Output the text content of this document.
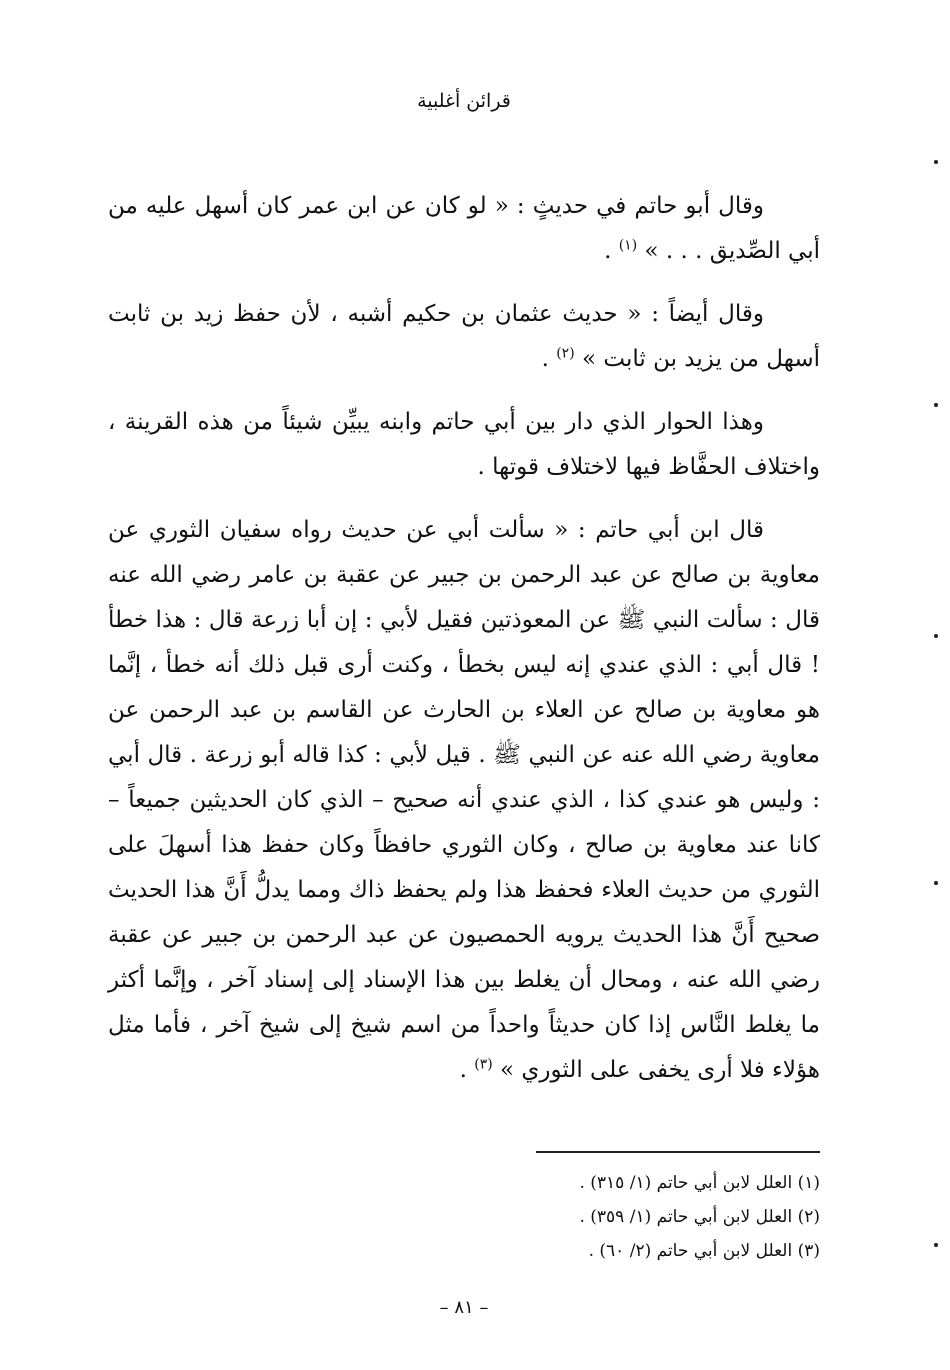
قرائن أغلبية

وقال أبو حاتم في حديثٍ : « لو كان عن ابن عمر كان أسهل عليه من أبي الصِّديق . . . » $^{(١)}$ .

وقال أيضاً : « حديث عثمان بن حكيم أشبه ، لأن حفظ زيد بن ثابت أسهل من يزيد بن ثابت » $^{(٢)}$ .

وهذا الحوار الذي دار بين أبي حاتم وابنه يبيِّن شيئاً من هذه القرينة ، واختلاف الحفَّاظ فيها لاختلاف قوتها .

قال ابن أبي حاتم : « سألت أبي عن حديث رواه سفيان الثوري عن معاوية بن صالح عن عبد الرحمن بن جبير عن عقبة بن عامر رضي الله عنه قال : سألت النبي ﷺ عن المعوذتين فقيل لأبي : إن أبا زرعة قال : هذا خطأ ! قال أبي : الذي عندي إنه ليس بخطأ ، وكنت أرى قبل ذلك أنه خطأ ، إنَّما هو معاوية بن صالح عن العلاء بن الحارث عن القاسم بن عبد الرحمن عن معاوية رضي الله عنه عن النبي ﷺ . قيل لأبي : كذا قاله أبو زرعة . قال أبي : وليس هو عندي كذا ، الذي عندي أنه صحيح – الذي كان الحديثين جميعاً – كانا عند معاوية بن صالح ، وكان الثوري حافظاً وكان حفظ هذا أسهلَ على الثوري من حديث العلاء فحفظ هذا ولم يحفظ ذاك ومما يدلُّ أَنَّ هذا الحديث صحيح أَنَّ هذا الحديث يرويه الحمصيون عن عبد الرحمن بن جبير عن عقبة رضي الله عنه ، ومحال أن يغلط بين هذا الإسناد إلى إسناد آخر ، وإنَّما أكثر ما يغلط النَّاس إذا كان حديثاً واحداً من اسم شيخ إلى شيخ آخر ، فأما مثل هؤلاء فلا أرى يخفى على الثوري » $^{(٣)}$ .

(١) العلل لابن أبي حاتم (١/ ٣١٥) .
(٢) العلل لابن أبي حاتم (١/ ٣٥٩) .
(٣) العلل لابن أبي حاتم (٢/ ٦٠) .
– ٨١ –
